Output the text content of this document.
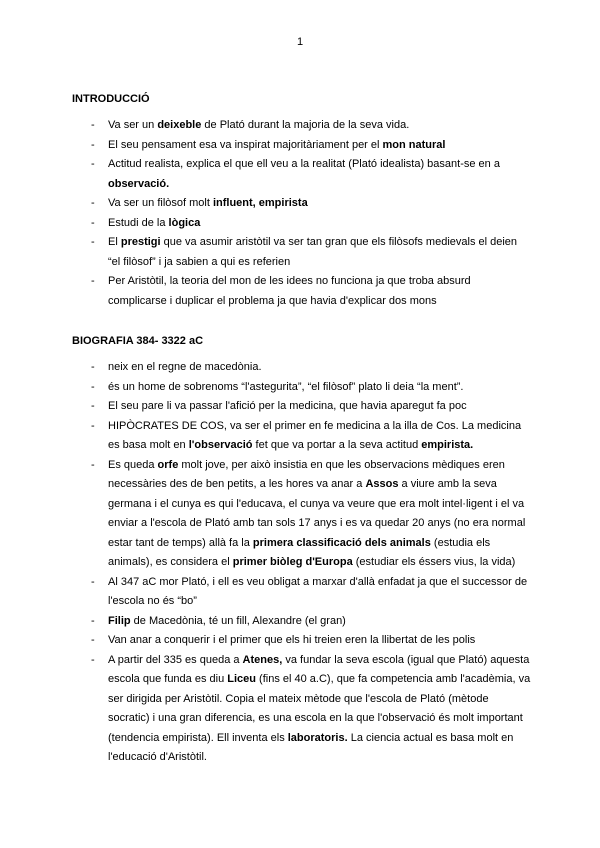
1
INTRODUCCIÓ
- Va ser un deixeble de Plató durant la majoria de la seva vida.
- El seu pensament esa va inspirat majoritàriament per el mon natural
- Actitud realista, explica el que ell veu a la realitat (Plató idealista) basant-se en a observació.
- Va ser un filòsof molt influent, empirista
- Estudi de la lògica
- El prestigi que va asumir aristòtil va ser tan gran que els filòsofs medievals el deien “el filòsof” i ja sabien a qui es referien
- Per Aristòtil, la teoria del mon de les idees no funciona ja que troba absurd complicarse i duplicar el problema ja que havia d'explicar dos mons
BIOGRAFIA 384- 3322 aC
- neix en el regne de macedònia.
- és un home de sobrenoms “l'astegurita”, “el filòsof” plato li deia “la ment”.
- El seu pare li va passar l'afició per la medicina, que havia aparegut fa poc
- HIPÒCRATES DE COS, va ser el primer en fe medicina a la illa de Cos. La medicina es basa molt en l'observació fet que va portar a la seva actitud empirista.
- Es queda orfe molt jove, per això insistia en que les observacions mèdiques eren necessàries des de ben petits, a les hores va anar a Assos a viure amb la seva germana i el cunya es qui l'educava, el cunya va veure que era molt intel·ligent i el va enviar a l'escola de Plató amb tan sols 17 anys i es va quedar 20 anys (no era normal estar tant de temps) allà fa la primera classificació dels animals (estudia els animals), es considera el primer biòleg d'Europa (estudiar els éssers vius, la vida)
- Al 347 aC mor Plató, i ell es veu obligat a marxar d'allà enfadat ja que el successor de l'escola no és “bo”
- Filip de Macedònia, té un fill, Alexandre (el gran)
- Van anar a conquerir i el primer que els hi treien eren la llibertat de les polis
- A partir del 335 es queda a Atenes, va fundar la seva escola (igual que Plató) aquesta escola que funda es diu Liceu (fins el 40 a.C), que fa competencia amb l'acadèmia, va ser dirigida per Aristòtil. Copia el mateix mètode que l'escola de Plató (mètode socratic) i una gran diferencia, es una escola en la que l'observació és molt important (tendencia empirista). Ell inventa els laboratoris. La ciencia actual es basa molt en l'educació d'Aristòtil.
